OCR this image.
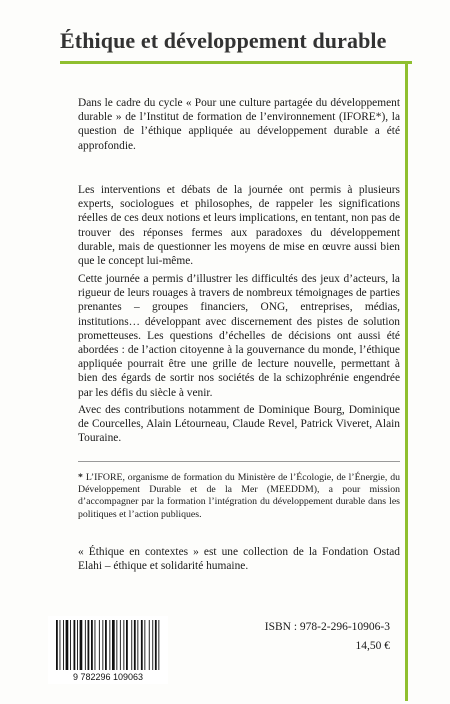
Éthique et développement durable

Dans le cadre du cycle « Pour une culture partagée du développement durable » de l’Institut de formation de l’environnement (IFORE*), la question de l’éthique appliquée au développement durable a été approfondie.

Les interventions et débats de la journée ont permis à plusieurs experts, sociologues et philosophes, de rappeler les significations réelles de ces deux notions et leurs implications, en tentant, non pas de trouver des réponses fermes aux paradoxes du développement durable, mais de questionner les moyens de mise en œuvre aussi bien que le concept lui-même.

Cette journée a permis d’illustrer les difficultés des jeux d’acteurs, la rigueur de leurs rouages à travers de nombreux témoignages de parties prenantes – groupes financiers, ONG, entreprises, médias, institutions… développant avec discernement des pistes de solution prometteuses. Les questions d’échelles de décisions ont aussi été abordées : de l’action citoyenne à la gouvernance du monde, l’éthique appliquée pourrait être une grille de lecture nouvelle, permettant à bien des égards de sortir nos sociétés de la schizophrénie engendrée par les défis du siècle à venir.

Avec des contributions notamment de Dominique Bourg, Dominique de Courcelles, Alain Létourneau, Claude Revel, Patrick Viveret, Alain Touraine.

* L’IFORE, organisme de formation du Ministère de l’Écologie, de l’Énergie, du Développement Durable et de la Mer (MEEDDM), a pour mission d’accompagner par la formation l’intégration du développement durable dans les politiques et l’action publiques.

« Éthique en contextes » est une collection de la Fondation Ostad Elahi – éthique et solidarité humaine.

9 782296 109063
ISBN : 978-2-296-10906-3
14,50 €
